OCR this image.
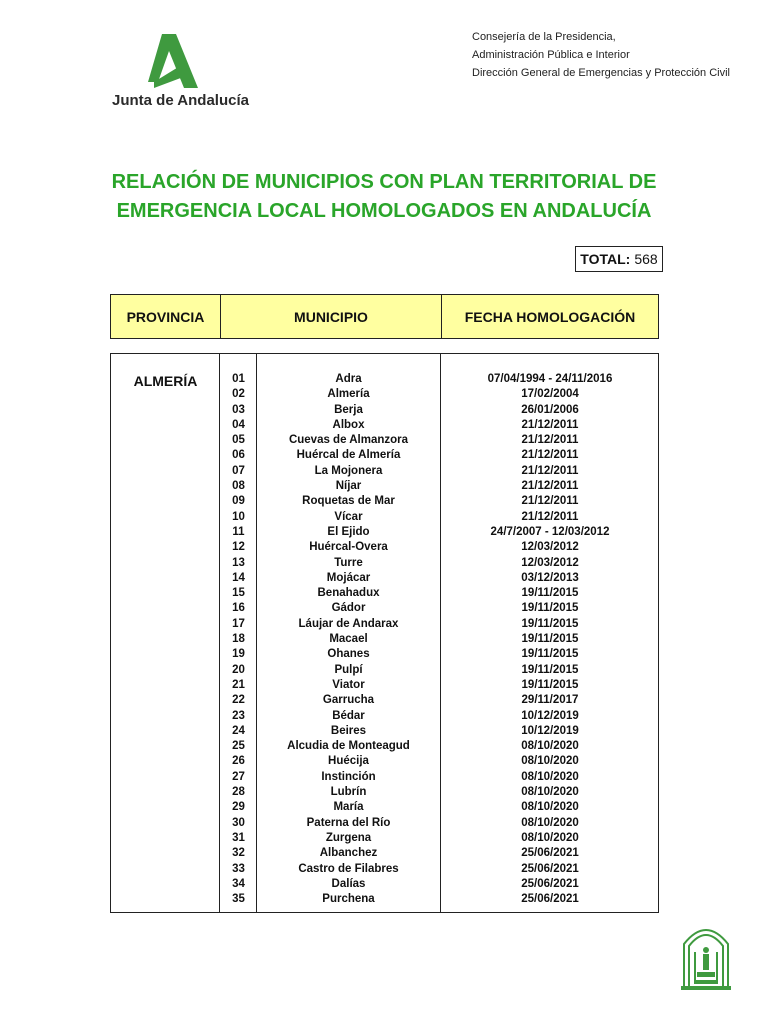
Junta de Andalucía
Consejería de la Presidencia,
Administración Pública e Interior
Dirección General de Emergencias y Protección Civil
RELACIÓN DE MUNICIPIOS CON PLAN TERRITORIAL DE
EMERGENCIA LOCAL HOMOLOGADOS EN ANDALUCÍA
TOTAL: 568
PROVINCIA	MUNICIPIO	FECHA HOMOLOGACIÓN
ALMERÍA	01	Adra	07/04/1994 - 24/11/2016
02	Almería	17/02/2004
03	Berja	26/01/2006
04	Albox	21/12/2011
05	Cuevas de Almanzora	21/12/2011
06	Huércal de Almería	21/12/2011
07	La Mojonera	21/12/2011
08	Níjar	21/12/2011
09	Roquetas de Mar	21/12/2011
10	Vícar	21/12/2011
11	El Ejido	24/7/2007 - 12/03/2012
12	Huércal-Overa	12/03/2012
13	Turre	12/03/2012
14	Mojácar	03/12/2013
15	Benahadux	19/11/2015
16	Gádor	19/11/2015
17	Láujar de Andarax	19/11/2015
18	Macael	19/11/2015
19	Ohanes	19/11/2015
20	Pulpí	19/11/2015
21	Viator	19/11/2015
22	Garrucha	29/11/2017
23	Bédar	10/12/2019
24	Beires	10/12/2019
25	Alcudia de Monteagud	08/10/2020
26	Huécija	08/10/2020
27	Instinción	08/10/2020
28	Lubrín	08/10/2020
29	María	08/10/2020
30	Paterna del Río	08/10/2020
31	Zurgena	08/10/2020
32	Albanchez	25/06/2021
33	Castro de Filabres	25/06/2021
34	Dalías	25/06/2021
35	Purchena	25/06/2021
